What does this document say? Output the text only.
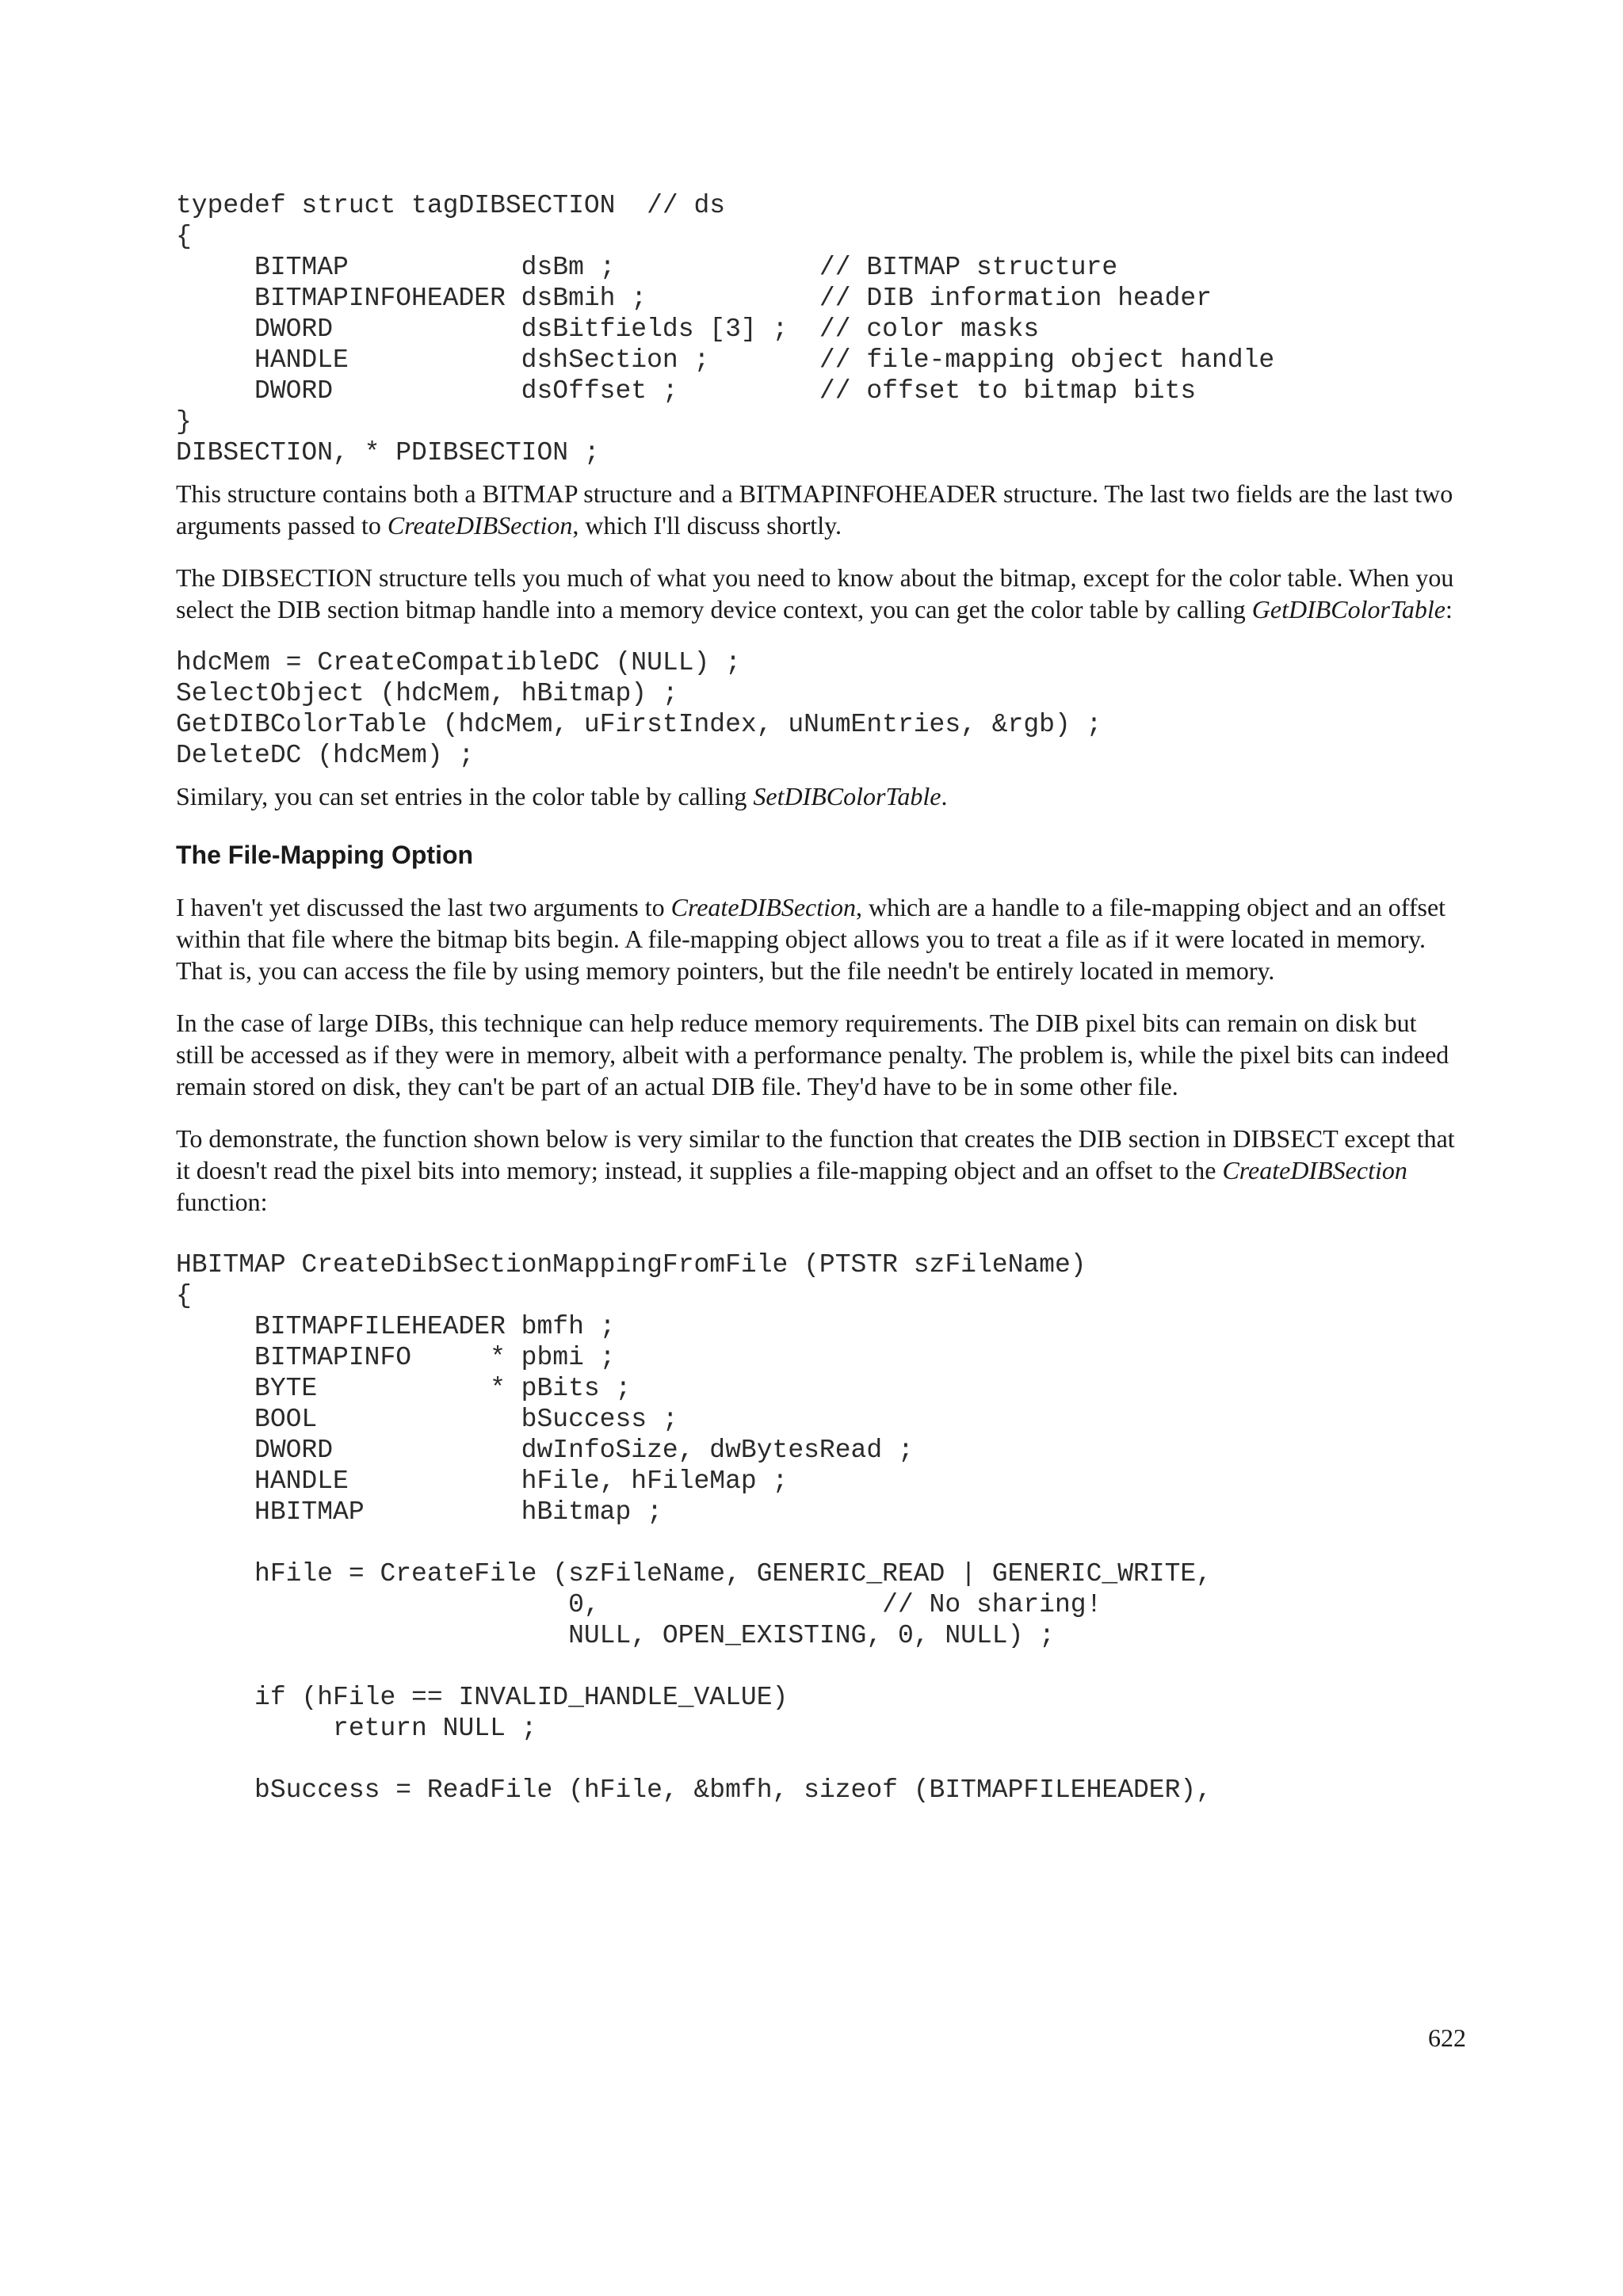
typedef struct tagDIBSECTION  // ds
{
BITMAP           dsBm ;             // BITMAP structure
BITMAPINFOHEADER dsBmih ;           // DIB information header
DWORD            dsBitfields [3] ;  // color masks
HANDLE           dshSection ;       // file-mapping object handle
DWORD            dsOffset ;         // offset to bitmap bits
}
DIBSECTION, * PDIBSECTION ;

This structure contains both a BITMAP structure and a BITMAPINFOHEADER structure. The last two fields are the last two arguments passed to CreateDIBSection, which I'll discuss shortly.

The DIBSECTION structure tells you much of what you need to know about the bitmap, except for the color table. When you select the DIB section bitmap handle into a memory device context, you can get the color table by calling GetDIBColorTable:

hdcMem = CreateCompatibleDC (NULL) ;
SelectObject (hdcMem, hBitmap) ;
GetDIBColorTable (hdcMem, uFirstIndex, uNumEntries, &rgb) ;
DeleteDC (hdcMem) ;

Similary, you can set entries in the color table by calling SetDIBColorTable.

The File-Mapping Option

I haven't yet discussed the last two arguments to CreateDIBSection, which are a handle to a file-mapping object and an offset within that file where the bitmap bits begin. A file-mapping object allows you to treat a file as if it were located in memory. That is, you can access the file by using memory pointers, but the file needn't be entirely located in memory.

In the case of large DIBs, this technique can help reduce memory requirements. The DIB pixel bits can remain on disk but still be accessed as if they were in memory, albeit with a performance penalty. The problem is, while the pixel bits can indeed remain stored on disk, they can't be part of an actual DIB file. They'd have to be in some other file.

To demonstrate, the function shown below is very similar to the function that creates the DIB section in DIBSECT except that it doesn't read the pixel bits into memory; instead, it supplies a file-mapping object and an offset to the CreateDIBSection function:

HBITMAP CreateDibSectionMappingFromFile (PTSTR szFileName)
{
BITMAPFILEHEADER bmfh ;
BITMAPINFO     * pbmi ;
BYTE           * pBits ;
BOOL             bSuccess ;
DWORD            dwInfoSize, dwBytesRead ;
HANDLE           hFile, hFileMap ;
HBITMAP          hBitmap ;

hFile = CreateFile (szFileName, GENERIC_READ | GENERIC_WRITE,
0,                  // No sharing!
NULL, OPEN_EXISTING, 0, NULL) ;

if (hFile == INVALID_HANDLE_VALUE)
return NULL ;

bSuccess = ReadFile (hFile, &bmfh, sizeof (BITMAPFILEHEADER),
622
